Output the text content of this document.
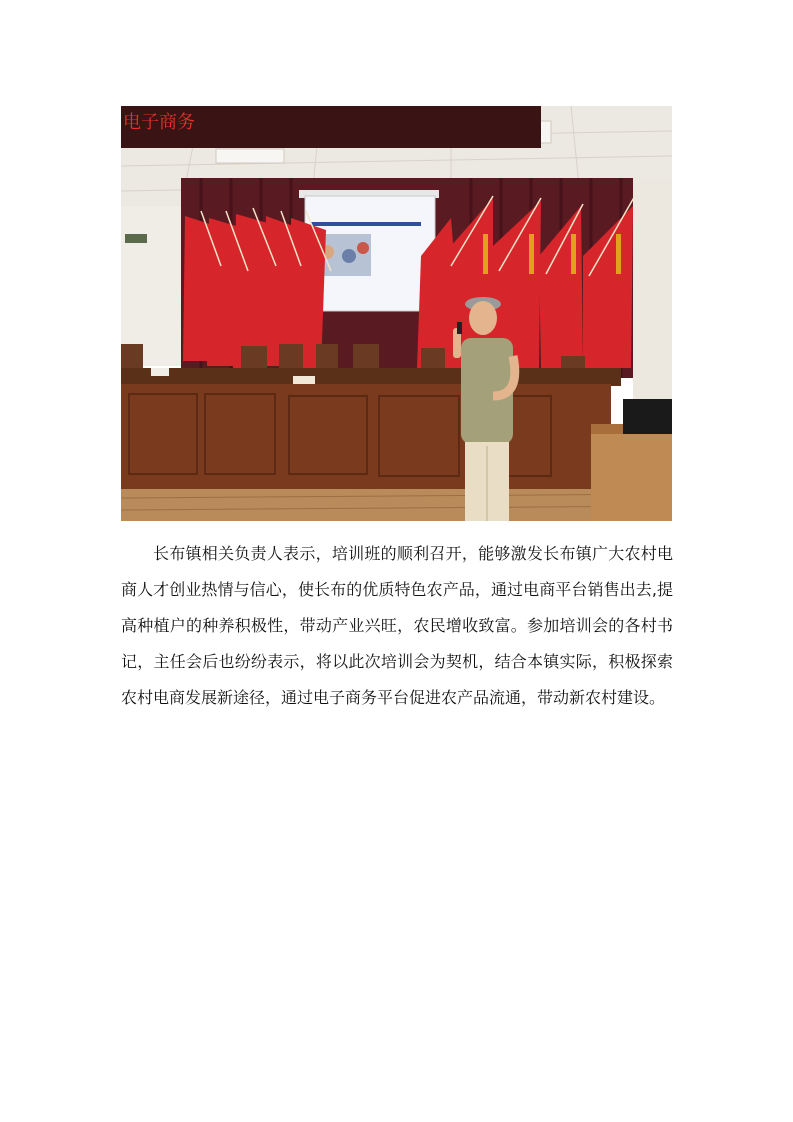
电子商务

长布镇相关负责人表示，培训班的顺利召开，能够激发长布镇广大农村电商人才创业热情与信心，使长布的优质特色农产品，通过电商平台销售出去,提高种植户的种养积极性，带动产业兴旺，农民增收致富。参加培训会的各村书记，主任会后也纷纷表示，将以此次培训会为契机，结合本镇实际，积极探索农村电商发展新途径，通过电子商务平台促进农产品流通，带动新农村建设。
